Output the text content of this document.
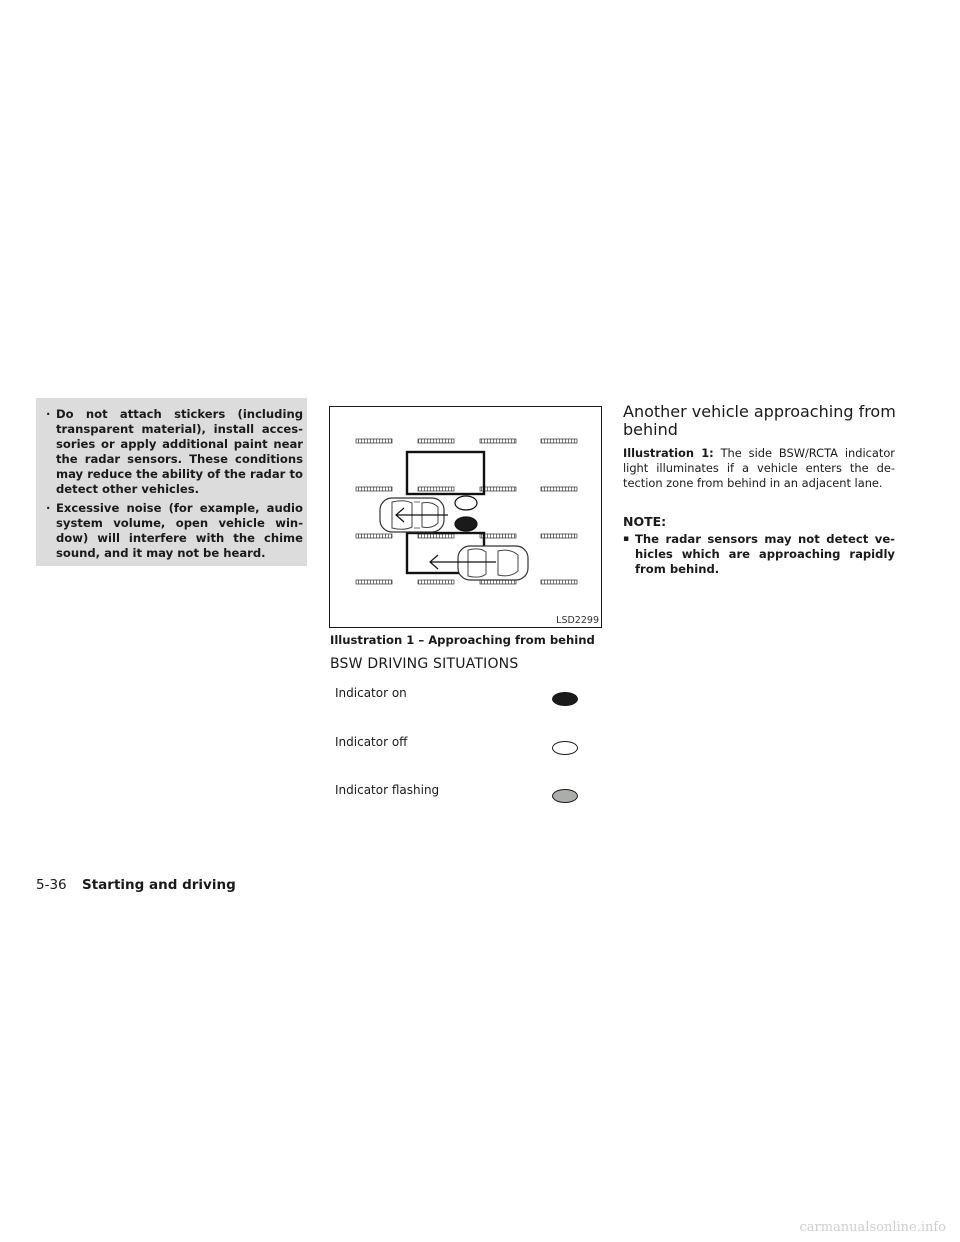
· Do not attach stickers (including transparent material), install acces- sories or apply additional paint near the radar sensors. These conditions may reduce the ability of the radar to detect other vehicles.
· Excessive noise (for example, audio system volume, open vehicle win- dow) will interfere with the chime sound, and it may not be heard.
LSD2299
Illustration 1 – Approaching from behind
BSW DRIVING SITUATIONS
Indicator on
Indicator off
Indicator flashing
Another vehicle approaching from behind
Illustration 1: The side BSW/RCTA indicator light illuminates if a vehicle enters the de- tection zone from behind in an adjacent lane.
NOTE:
▪ The radar sensors may not detect ve- hicles which are approaching rapidly from behind.
5-36 Starting and driving
carmanualsonline.info
